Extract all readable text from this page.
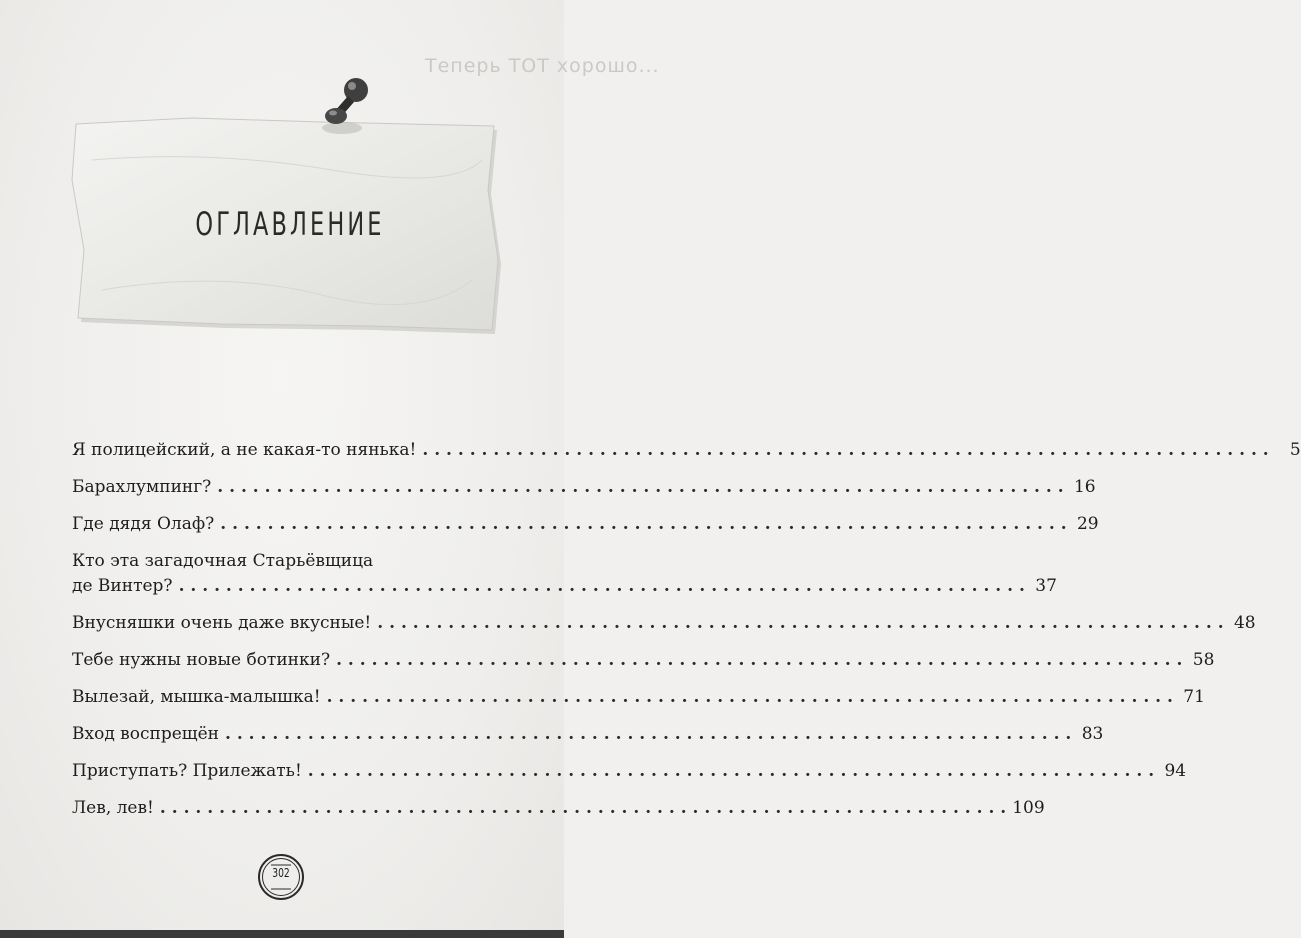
Теперь ТОТ хорошо...
ОГЛАВЛЕНИЕ
Я полицейский, а не какая-то нянька! . . .	5
Барахлумпинг? . . .	16
Где дядя Олаф? . . .	29
Кто эта загадочная Старьёвщица
де Винтер? . . .	37
Внусняшки очень даже вкусные! . . .	48
Тебе нужны новые ботинки? . . .	58
Вылезай, мышка-малышка! . . .	71
Вход воспрещён . . .	83
Приступать? Прилежать! . . .	94
Лев, лев! . . .	109
302
